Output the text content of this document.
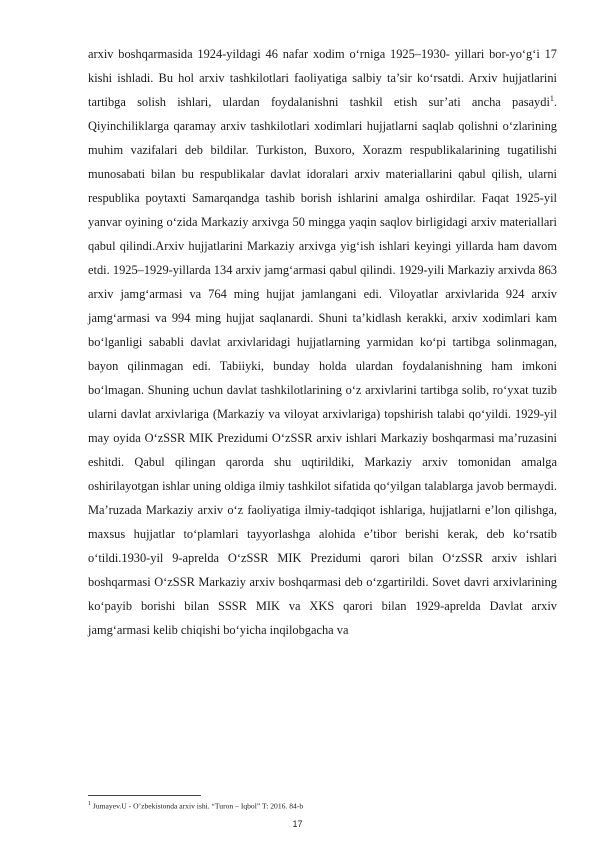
arxiv boshqarmasida 1924-yildagi 46 nafar xodim o‘rniga 1925–1930- yillari bor-yo‘g‘i 17 kishi ishladi. Bu hol arxiv tashkilotlari faoliyatiga salbiy ta’sir ko‘rsatdi. Arxiv hujjatlarini tartibga solish ishlari, ulardan foydalanishni tashkil etish sur’ati ancha pasaydi$^1$. Qiyinchiliklarga qaramay arxiv tashkilotlari xodimlari hujjatlarni saqlab qolishni o‘zlarining muhim vazifalari deb bildilar. Turkiston, Buxoro, Xorazm respublikalarining tugatilishi munosabati bilan bu respublikalar davlat idoralari arxiv materiallarini qabul qilish, ularni respublika poytaxti Samarqandga tashib borish ishlarini amalga oshirdilar. Faqat 1925-yil yanvar oyining o‘zida Markaziy arxivga 50 mingga yaqin saqlov birligidagi arxiv materiallari qabul qilindi.Arxiv hujjatlarini Markaziy arxivga yig‘ish ishlari keyingi yillarda ham davom etdi. 1925–1929-yillarda 134 arxiv jamg‘armasi qabul qilindi. 1929-yili Markaziy arxivda 863 arxiv jamg‘armasi va 764 ming hujjat jamlangani edi. Viloyatlar arxivlarida 924 arxiv jamg‘armasi va 994 ming hujjat saqlanardi. Shuni ta’kidlash kerakki, arxiv xodimlari kam bo‘lganligi sababli davlat arxivlaridagi hujjatlarning yarmidan ko‘pi tartibga solinmagan, bayon qilinmagan edi. Tabiiyki, bunday holda ulardan foydalanishning ham imkoni bo‘lmagan. Shuning uchun davlat tashkilotlarining o‘z arxivlarini tartibga solib, ro‘yxat tuzib ularni davlat arxivlariga (Markaziy va viloyat arxivlariga) topshirish talabi qo‘yildi. 1929-yil may oyida O‘zSSR MIK Prezidumi O‘zSSR arxiv ishlari Markaziy boshqarmasi ma’ruzasini eshitdi. Qabul qilingan qarorda shu uqtirildiki, Markaziy arxiv tomonidan amalga oshirilayotgan ishlar uning oldiga ilmiy tashkilot sifatida qo‘yilgan talablarga javob bermaydi. Ma’ruzada Markaziy arxiv o‘z faoliyatiga ilmiy-tadqiqot ishlariga, hujjatlarni e’lon qilishga, maxsus hujjatlar to‘plamlari tayyorlashga alohida e’tibor berishi kerak, deb ko‘rsatib o‘tildi.1930-yil 9-aprelda O‘zSSR MIK Prezidumi qarori bilan O‘zSSR arxiv ishlari boshqarmasi O‘zSSR Markaziy arxiv boshqarmasi deb o‘zgartirildi. Sovet davri arxivlarining ko‘payib borishi bilan SSSR MIK va XKS qarori bilan 1929-aprelda Davlat arxiv jamg‘armasi kelib chiqishi bo‘yicha inqilobgacha va

$^1$ Jumayev.U - O’zbekistonda arxiv ishi. “Turon – Iqbol” T: 2016. 84-b
17
